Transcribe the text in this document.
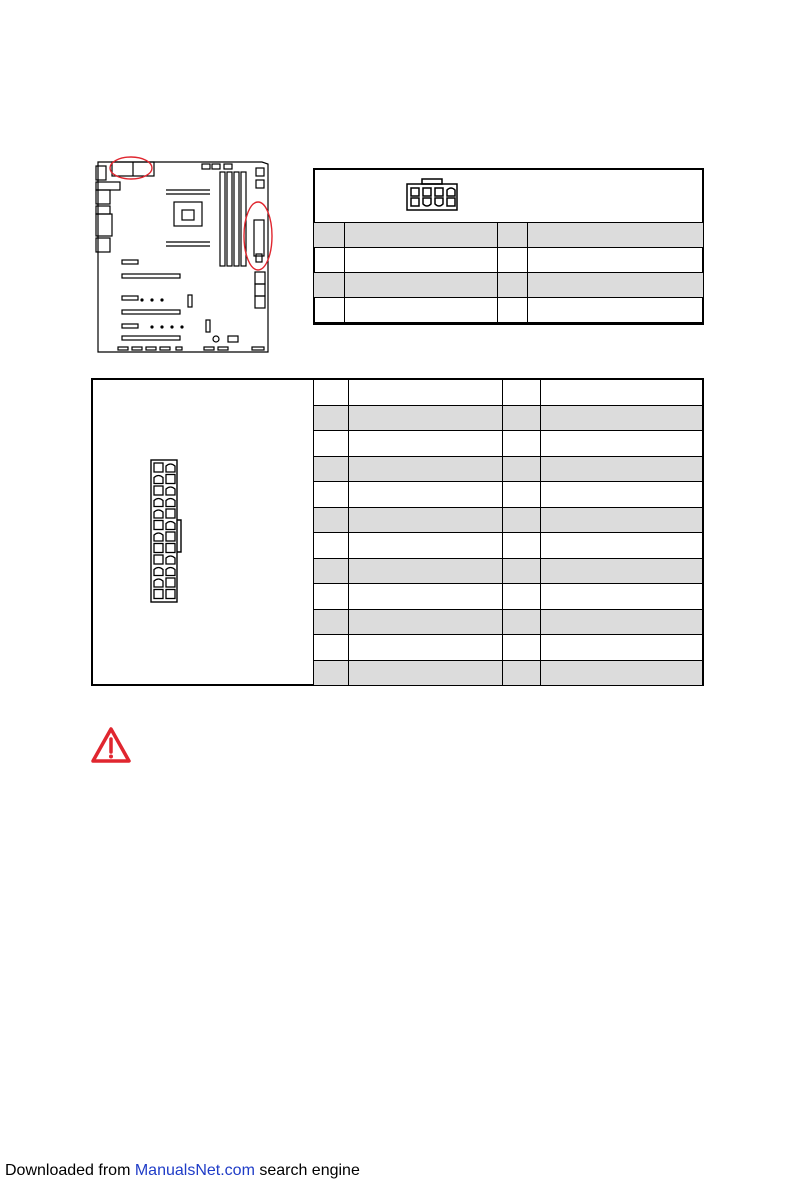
Downloaded from ManualsNet.com search engine
